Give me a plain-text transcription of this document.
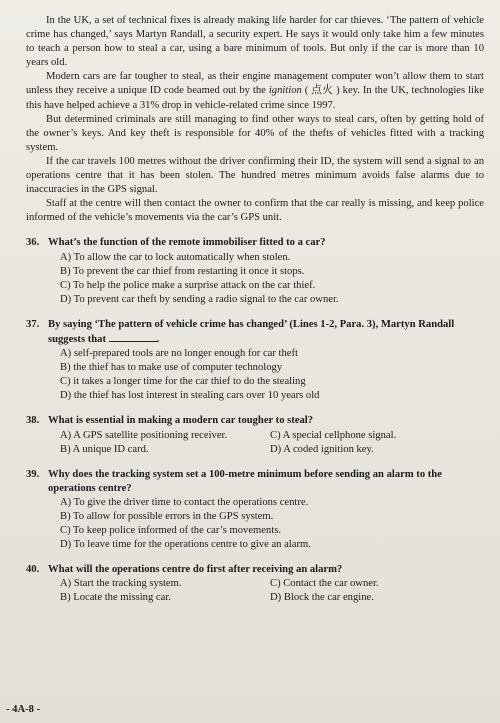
In the UK, a set of technical fixes is already making life harder for car thieves. ‘The pattern of vehicle crime has changed,’ says Martyn Randall, a security expert. He says it would only take him a few minutes to teach a person how to steal a car, using a bare minimum of tools. But only if the car is more than 10 years old.

Modern cars are far tougher to steal, as their engine management computer won’t allow them to start unless they receive a unique ID code beamed out by the ignition ( 点火 ) key. In the UK, technologies like this have helped achieve a 31% drop in vehicle-related crime since 1997.

But determined criminals are still managing to find other ways to steal cars, often by getting hold of the owner’s keys. And key theft is responsible for 40% of the thefts of vehicles fitted with a tracking system.

If the car travels 100 metres without the driver confirming their ID, the system will send a signal to an operations centre that it has been stolen. The hundred metres minimum avoids false alarms due to inaccuracies in the GPS signal.

Staff at the centre will then contact the owner to confirm that the car really is missing, and keep police informed of the vehicle’s movements via the car’s GPS unit.

36. What’s the function of the remote immobiliser fitted to a car?
A) To allow the car to lock automatically when stolen.
B) To prevent the car thief from restarting it once it stops.
C) To help the police make a surprise attack on the car thief.
D) To prevent car theft by sending a radio signal to the car owner.
37. By saying ‘The pattern of vehicle crime has changed’ (Lines 1-2, Para. 3), Martyn Randall suggests that	.
A) self-prepared tools are no longer enough for car theft
B) the thief has to make use of computer technology
C) it takes a longer time for the car thief to do the stealing
D) the thief has lost interest in stealing cars over 10 years old
38. What is essential in making a modern car tougher to steal?
A) A GPS satellite positioning receiver.	C) A special cellphone signal.
B) A unique ID card.	D) A coded ignition key.
39. Why does the tracking system set a 100-metre minimum before sending an alarm to the operations centre?
A) To give the driver time to contact the operations centre.
B) To allow for possible errors in the GPS system.
C) To keep police informed of the car’s movements.
D) To leave time for the operations centre to give an alarm.
40. What will the operations centre do first after receiving an alarm?
A) Start the tracking system.	C) Contact the car owner.
B) Locate the missing car.	D) Block the car engine.
- 4A-8 -
